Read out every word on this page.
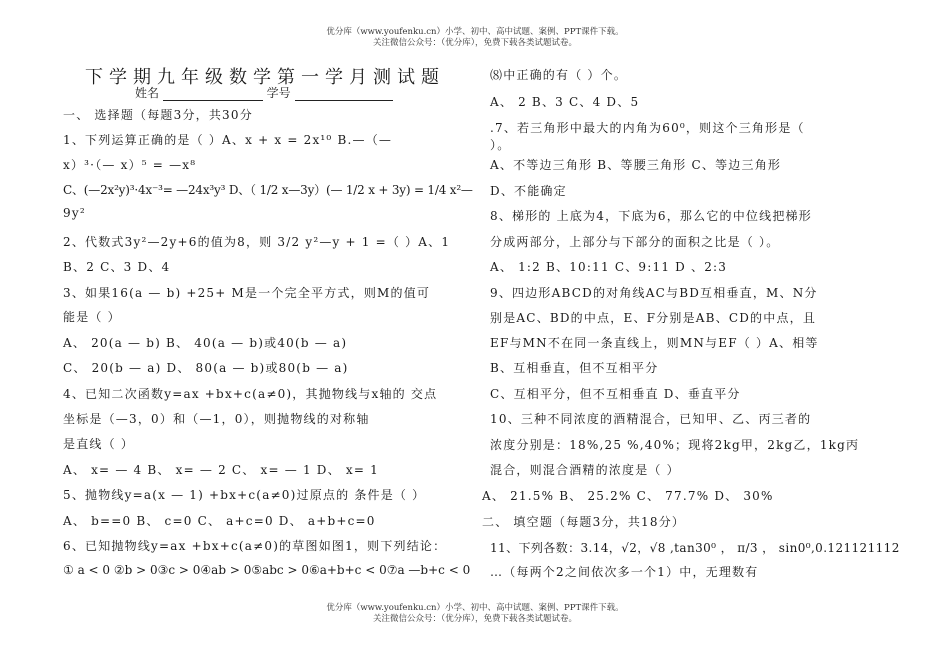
优分库（www.youfenku.cn）小学、初中、高中试题、案例、PPT课件下载。
关注微信公众号：（优分库），免费下载各类试题试卷。
下学期九年级数学第一学月测试题
姓名	学号
一、 选择题（每题3分，共30分
1、下列运算正确的是（ ）A、x + x = 2x¹⁰ B.—（—
x）³·（— x）⁵ = —x⁸
C、(—2x²y)³·4x⁻³= —24x³y³ D、（ 1/2 x—3y）(— 1/2 x + 3y) = 1/4 x²—
9y²
2、代数式3y²—2y+6的值为8，则 3/2 y²—y + 1 =（ ）A、1
B、2 C、3 D、4
3、如果16(a — b) +25+ M是一个完全平方式，则M的值可
能是（ ）
A、 20(a — b) B、 40(a — b)或40(b — a)
C、 20(b — a) D、 80(a — b)或80(b — a)
4、已知二次函数y=ax +bx+c(a≠0)，其抛物线与x轴的 交点
坐标是（—3，0）和（—1，0），则抛物线的对称轴
是直线（ ）
A、 x= — 4 B、 x= — 2 C、 x= — 1 D、 x= 1
5、抛物线y=a(x — 1) +bx+c(a≠0)过原点的 条件是（ ）
A、 b==0 B、 c=0 C、 a+c=0 D、 a+b+c=0
6、已知抛物线y=ax +bx+c(a≠0)的草图如图1，则下列结论：
① a < 0 ②b > 0③c > 0④ab > 0⑤abc > 0⑥a+b+c < 0⑦a —b+c < 0
⑻中正确的有（ ）个。
A、 2 B、3 C、4 D、5
.7、若三角形中最大的内角为60⁰，则这个三角形是（
）。
A、不等边三角形 B、等腰三角形 C、等边三角形
D、不能确定
8、梯形的 上底为4，下底为6，那么它的中位线把梯形
分成两部分，上部分与下部分的面积之比是（ ）。
A、 1:2 B、10:11 C、9:11 D 、2:3
9、四边形ABCD的对角线AC与BD互相垂直，M、N分
别是AC、BD的中点，E、F分别是AB、CD的中点，且
EF与MN不在同一条直线上，则MN与EF（ ）A、相等
B、互相垂直，但不互相平分
C、互相平分，但不互相垂直 D、垂直平分
10、三种不同浓度的酒精混合，已知甲、乙、丙三者的
浓度分别是：18%,25 %,40%；现将2kg甲，2kg乙，1kg丙
混合，则混合酒精的浓度是（ ）
A、 21.5% B、 25.2% C、 77.7% D、 30%
二、 填空题（每题3分，共18分）
11、下列各数：3.14，√2，√8 ,tan30⁰ ， π/3 ， sin0⁰,0.121121112
…（每两个2之间依次多一个1）中，无理数有
优分库（www.youfenku.cn）小学、初中、高中试题、案例、PPT课件下载。
关注微信公众号：（优分库），免费下载各类试题试卷。
